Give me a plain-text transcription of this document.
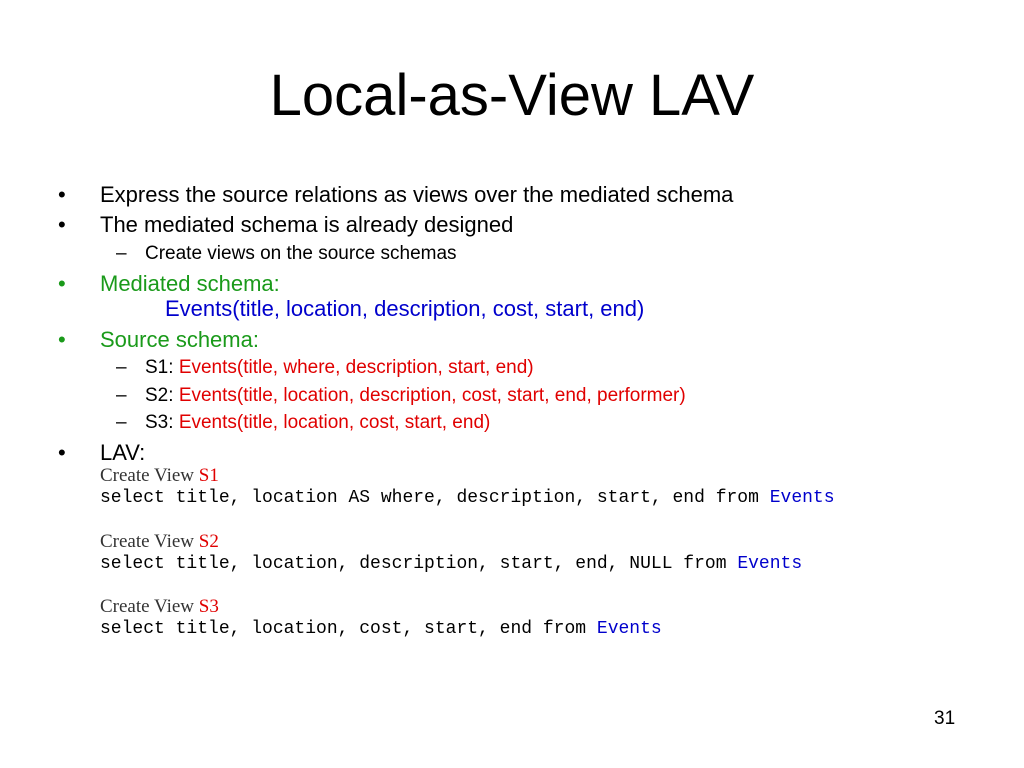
Local-as-View LAV
• Express the source relations as views over the mediated schema
• The mediated schema is already designed
– Create views on the source schemas
• Mediated schema:
Events(title, location, description, cost, start, end)
• Source schema:
– S1: Events(title, where, description, start, end)
– S2: Events(title, location, description, cost, start, end, performer)
– S3: Events(title, location, cost, start, end)
• LAV:
Create View S1
select title, location AS where, description, start, end from Events
Create View S2
select title, location, description, start, end, NULL from Events
Create View S3
select title, location, cost, start, end from Events
31
